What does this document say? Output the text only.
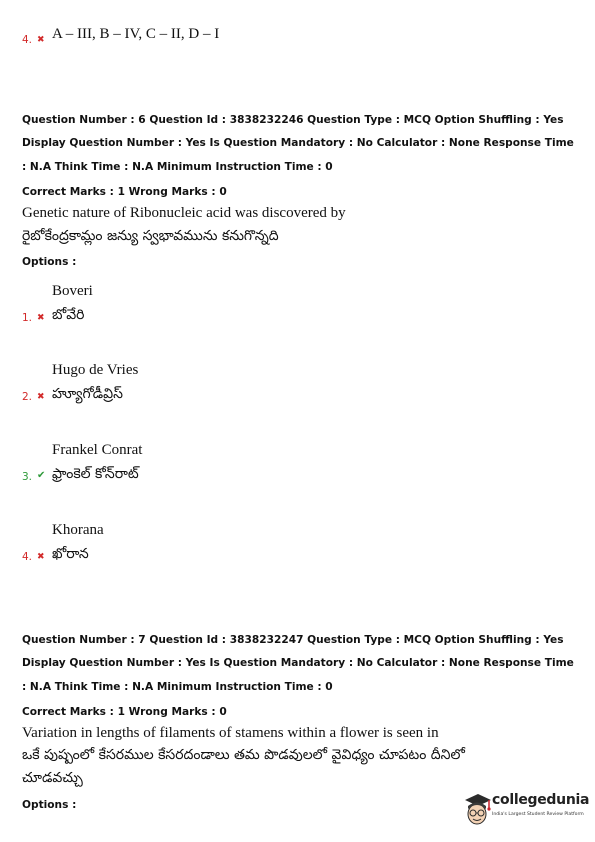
4. ✖ A – III, B – IV, C – II, D – I
Question Number : 6 Question Id : 3838232246 Question Type : MCQ Option Shuffling : Yes
Display Question Number : Yes Is Question Mandatory : No Calculator : None Response Time
: N.A Think Time : N.A Minimum Instruction Time : 0
Correct Marks : 1 Wrong Marks : 0
Genetic nature of Ribonucleic acid was discovered by
రైబోకేంద్రకామ్లం జన్యు స్వభావమును కనుగొన్నది
Options :
Boveri
1. ✖ బోవేరి
Hugo de Vries
2. ✖ హ్యూగోడీవ్రిస్
Frankel Conrat
3. ✔ ఫ్రాంకెల్ కోన్‌రాట్
Khorana
4. ✖ ఖోరాన
Question Number : 7 Question Id : 3838232247 Question Type : MCQ Option Shuffling : Yes
Display Question Number : Yes Is Question Mandatory : No Calculator : None Response Time
: N.A Think Time : N.A Minimum Instruction Time : 0
Correct Marks : 1 Wrong Marks : 0
Variation in lengths of filaments of stamens within a flower is seen in
ఒకే పుష్పంలో కేసరముల కేసరదండాలు తమ పొడవులలో వైవిధ్యం చూపటం దీనిలో
చూడవచ్చు
Options :	collegedunia
India's Largest Student Review Platform
